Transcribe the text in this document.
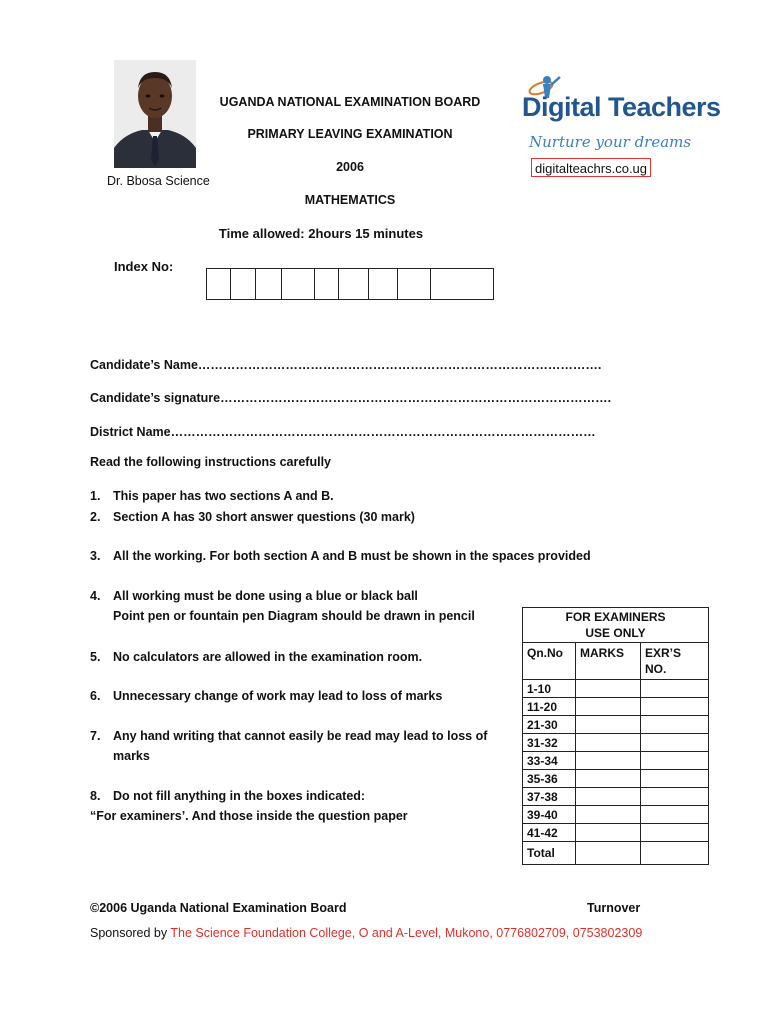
Dr. Bbosa Science
UGANDA NATIONAL EXAMINATION BOARD
PRIMARY LEAVING EXAMINATION
2006
MATHEMATICS
Time allowed: 2hours 15 minutes
Digital Teachers
Nurture your dreams
digitalteachrs.co.ug
Index No:
Candidate’s Name…………………………………………………………………………………….
Candidate’s signature………………………………………………………………………………….
District Name…………………………………………………………………………………………
Read the following instructions carefully
1. This paper has two sections A and B.
2. Section A has 30 short answer questions (30 mark)
3. All the working. For both section A and B must be shown in the spaces provided
4. All working must be done using a blue or black ball
Point pen or fountain pen Diagram should be drawn in pencil
5. No calculators are allowed in the examination room.
6. Unnecessary change of work may lead to loss of marks
7. Any hand writing that cannot easily be read may lead to loss of
marks
8. Do not fill anything in the boxes indicated:
“For examiners’. And those inside the question paper
FOR EXAMINERS
USE ONLY		
Qn.No	MARKS	EXR’S
NO.
1-10		
11-20		
21-30		
31-32		
33-34		
35-36		
37-38		
39-40		
41-42		
Total		
©2006 Uganda National Examination Board	Turnover
Sponsored by The Science Foundation College, O and A-Level, Mukono, 0776802709, 0753802309
